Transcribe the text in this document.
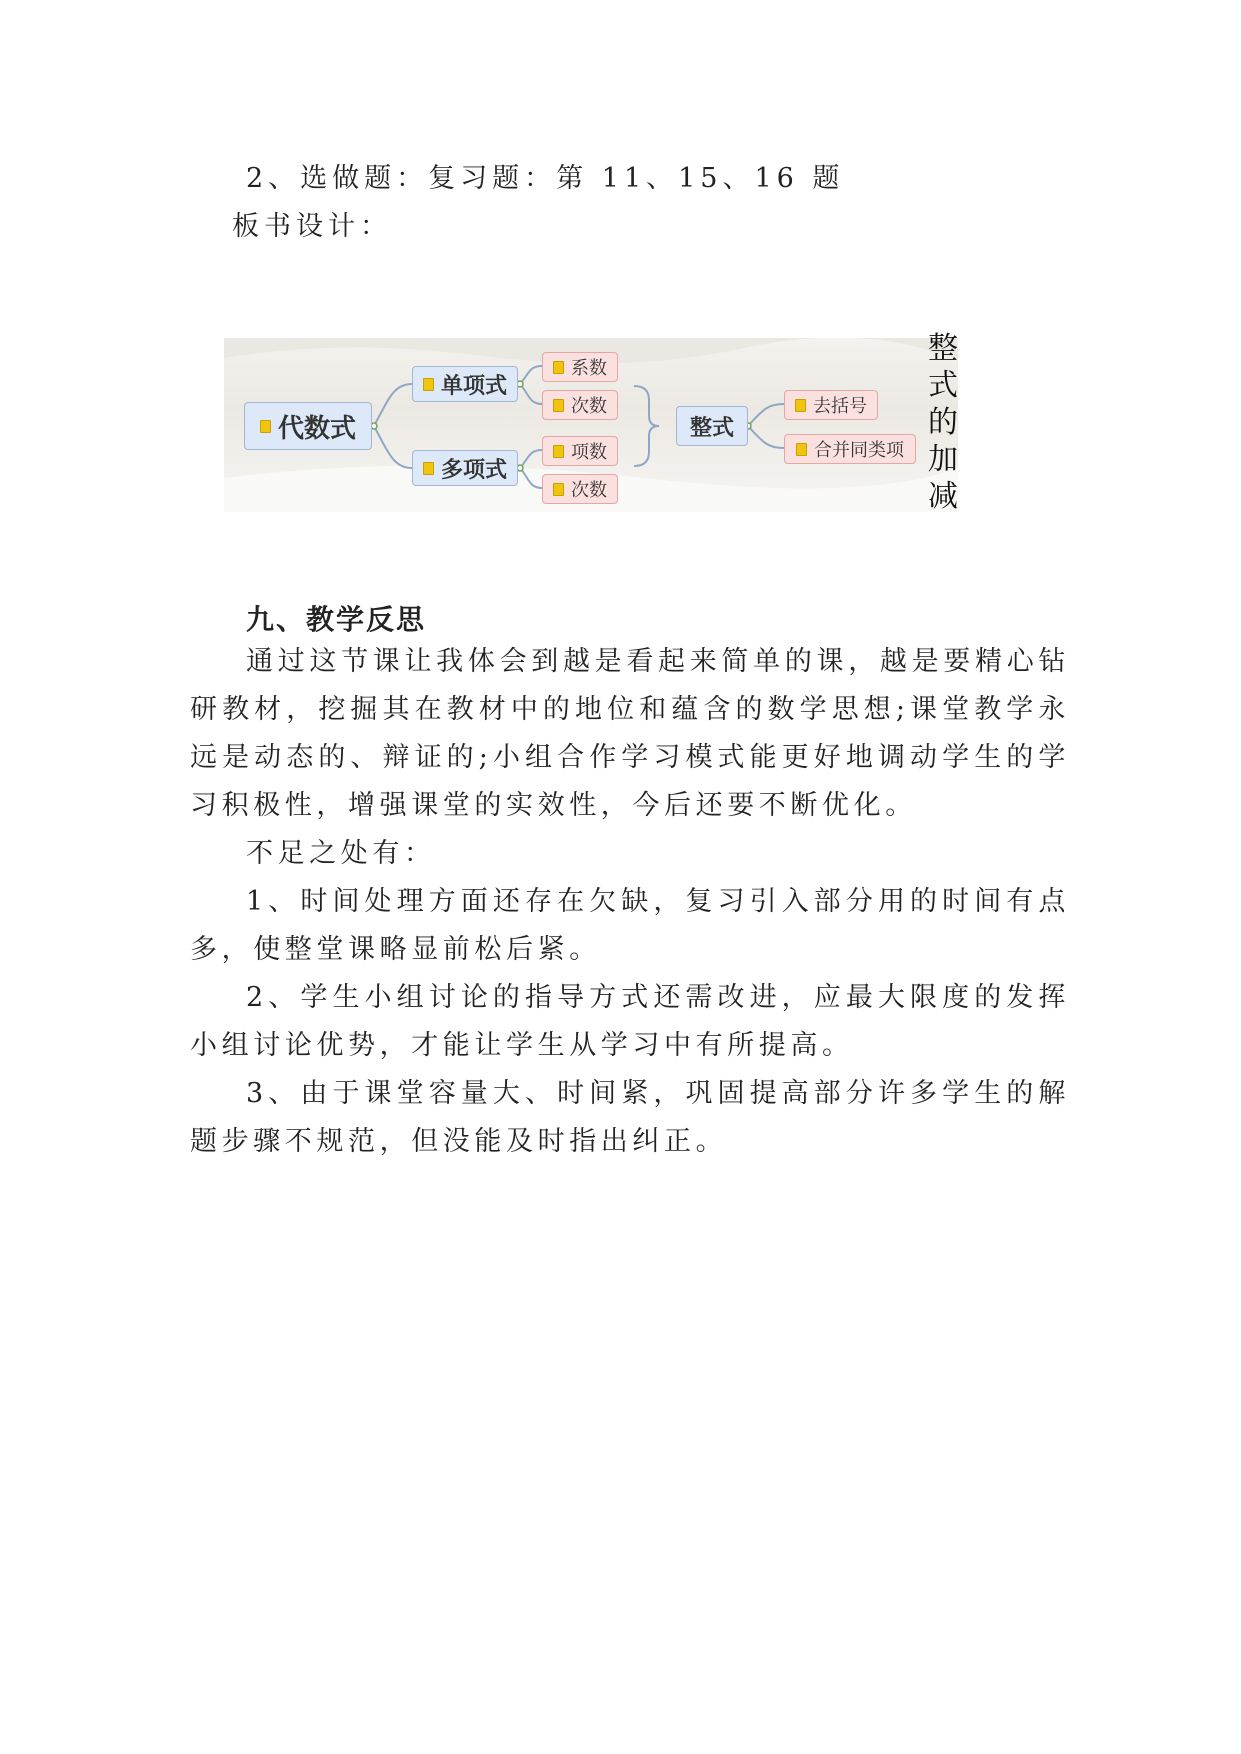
2、选做题：复习题：第 11、15、16 题
板书设计：
代数式
单项式
多项式
系数
次数
项数
次数
整式
去括号
合并同类项
整
式
的
加
减
九、教学反思
通过这节课让我体会到越是看起来简单的课，越是要精心钻研教材，挖掘其在教材中的地位和蕴含的数学思想;课堂教学永远是动态的、辩证的;小组合作学习模式能更好地调动学生的学习积极性，增强课堂的实效性，今后还要不断优化。
不足之处有：
1、时间处理方面还存在欠缺，复习引入部分用的时间有点多，使整堂课略显前松后紧。
2、学生小组讨论的指导方式还需改进，应最大限度的发挥小组讨论优势，才能让学生从学习中有所提高。
3、由于课堂容量大、时间紧，巩固提高部分许多学生的解题步骤不规范，但没能及时指出纠正。
